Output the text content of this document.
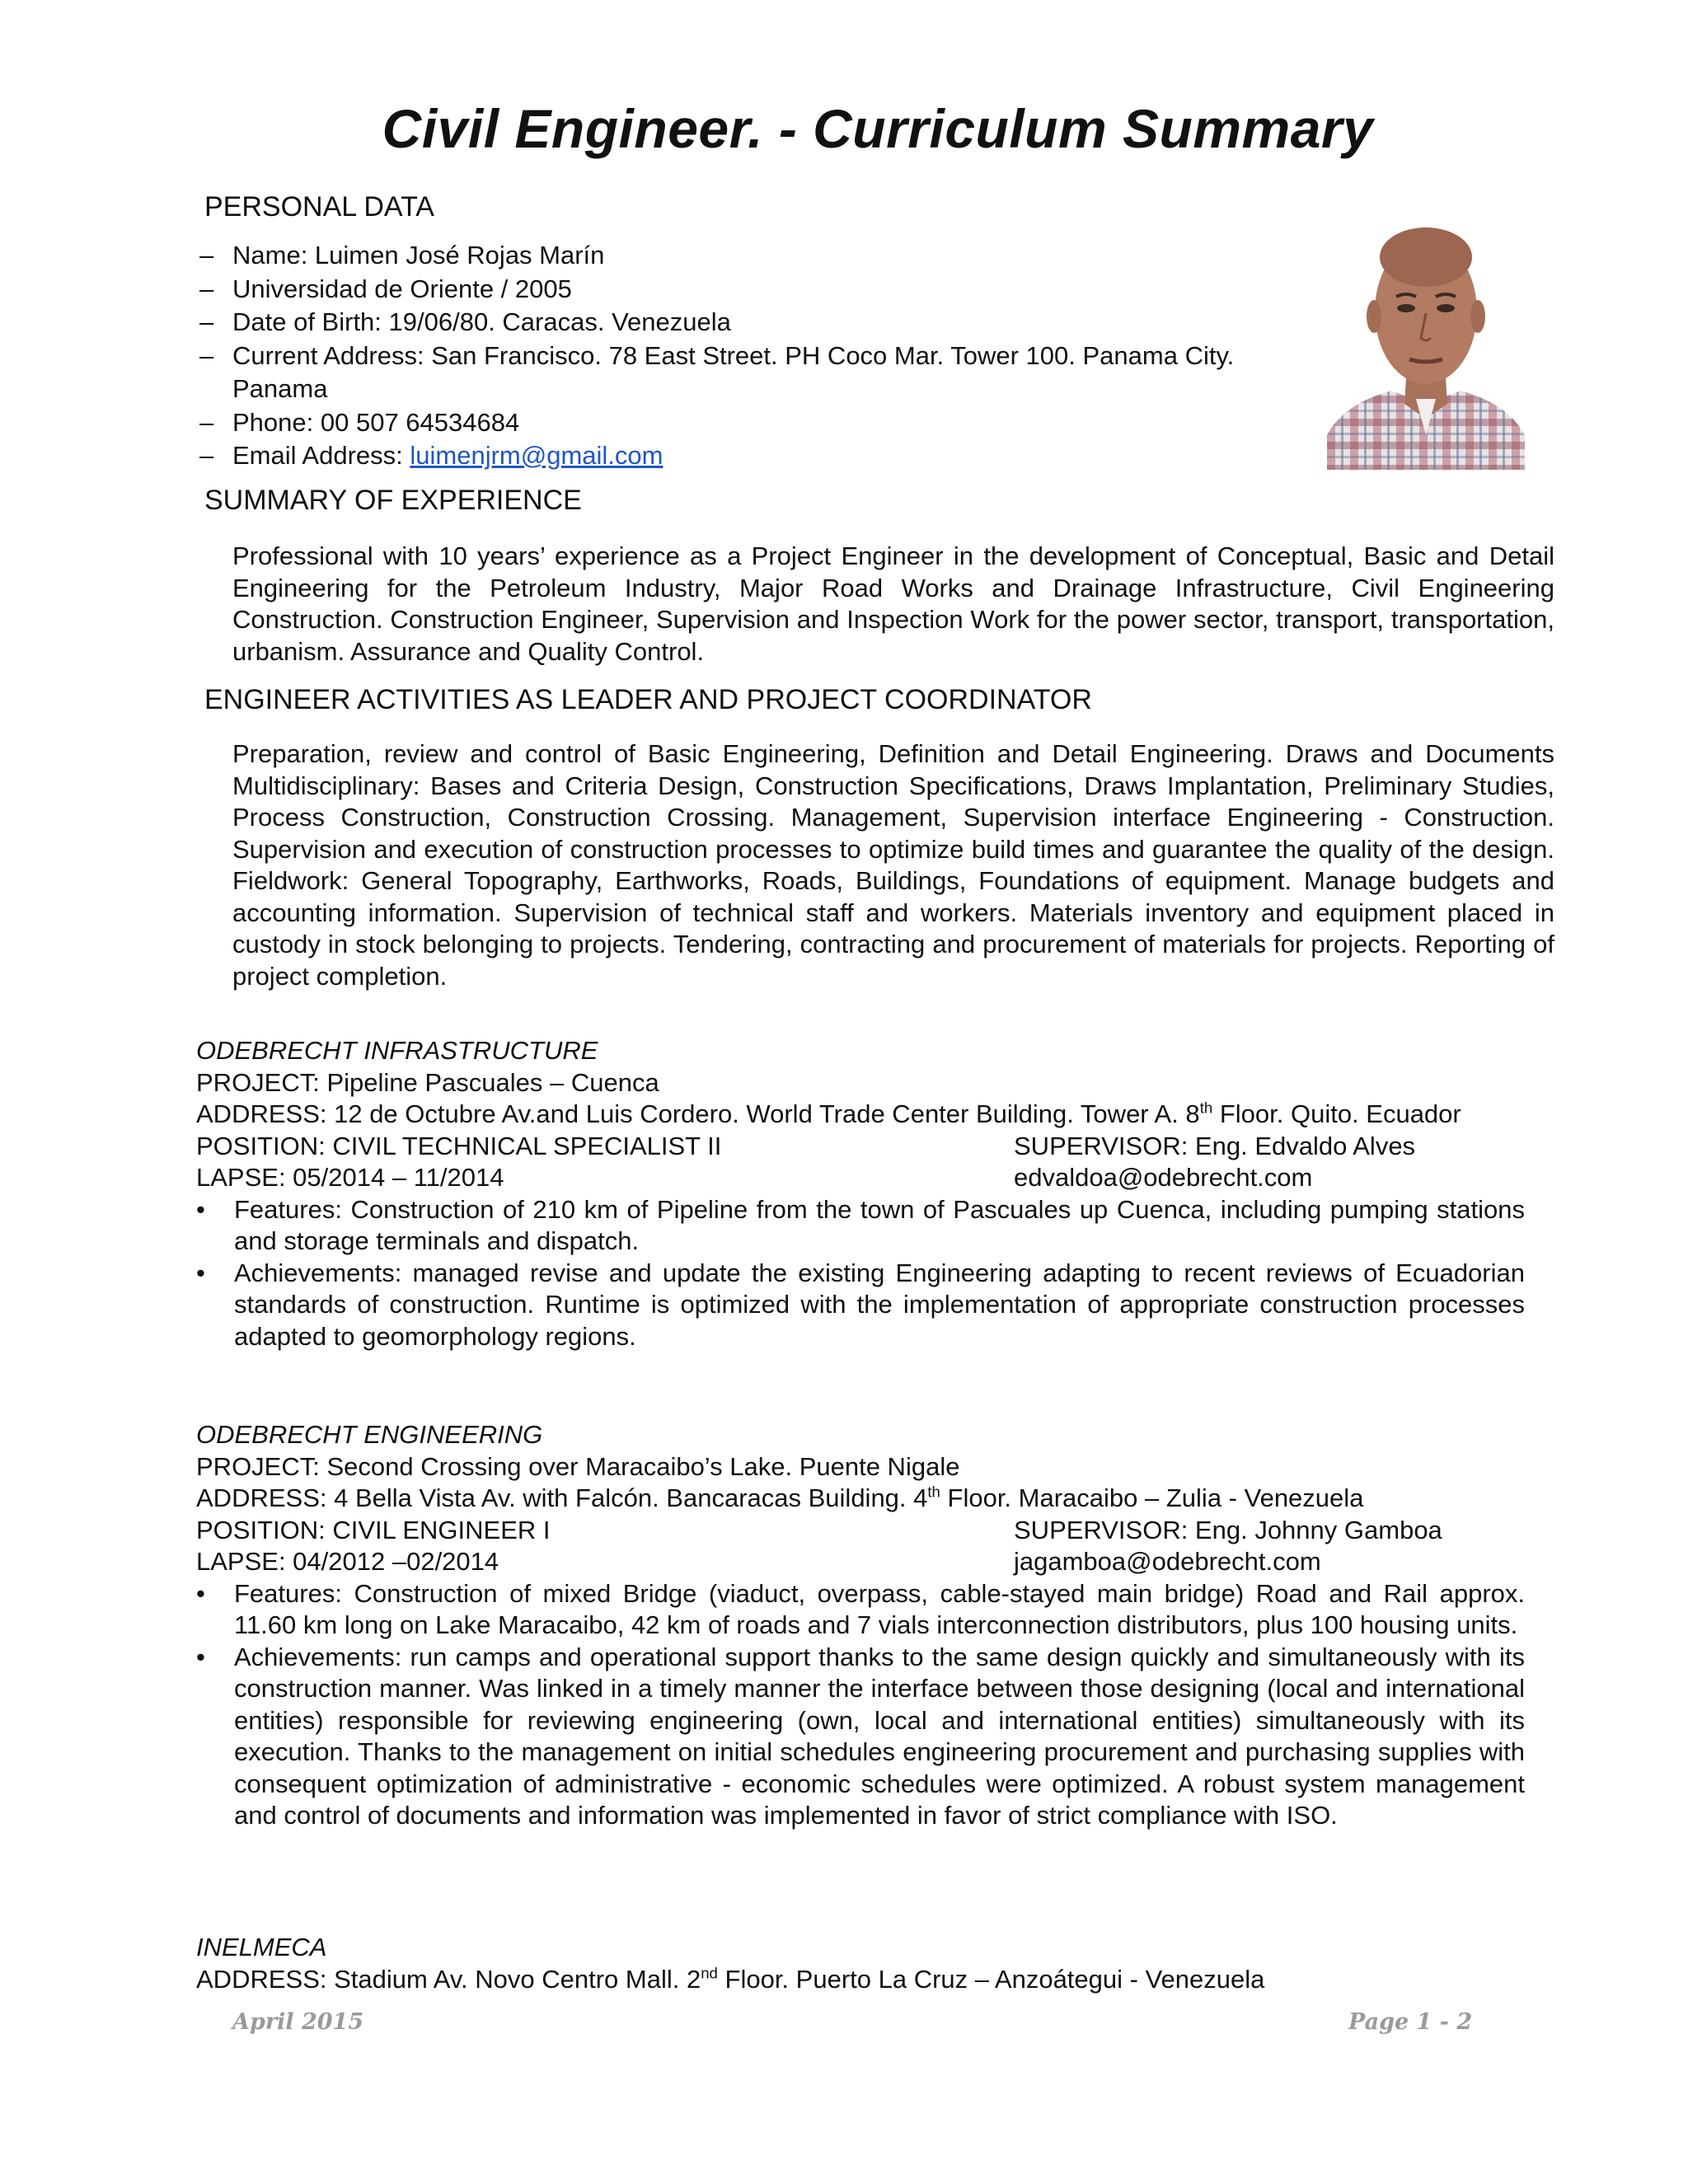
Civil Engineer. - Curriculum Summary
PERSONAL DATA
– Name: Luimen José Rojas Marín
– Universidad de Oriente / 2005
– Date of Birth: 19/06/80. Caracas. Venezuela
– Current Address: San Francisco. 78 East Street. PH Coco Mar. Tower 100. Panama City. Panama
– Phone: 00 507 64534684
– Email Address: luimenjrm@gmail.com
SUMMARY OF EXPERIENCE

Professional with 10 years’ experience as a Project Engineer in the development of Conceptual, Basic and Detail Engineering for the Petroleum Industry, Major Road Works and Drainage Infrastructure, Civil Engineering Construction. Construction Engineer, Supervision and Inspection Work for the power sector, transport, transportation, urbanism. Assurance and Quality Control.

ENGINEER ACTIVITIES AS LEADER AND PROJECT COORDINATOR

Preparation, review and control of Basic Engineering, Definition and Detail Engineering. Draws and Documents Multidisciplinary: Bases and Criteria Design, Construction Specifications, Draws Implantation, Preliminary Studies, Process Construction, Construction Crossing. Management, Supervision interface Engineering - Construction. Supervision and execution of construction processes to optimize build times and guarantee the quality of the design. Fieldwork: General Topography, Earthworks, Roads, Buildings, Foundations of equipment. Manage budgets and accounting information. Supervision of technical staff and workers. Materials inventory and equipment placed in custody in stock belonging to projects. Tendering, contracting and procurement of materials for projects. Reporting of project completion.

ODEBRECHT INFRASTRUCTURE
PROJECT: Pipeline Pascuales – Cuenca
ADDRESS: 12 de Octubre Av.and Luis Cordero. World Trade Center Building. Tower A. 8th Floor. Quito. Ecuador
POSITION: CIVIL TECHNICAL SPECIALIST II	SUPERVISOR: Eng. Edvaldo Alves
LAPSE: 05/2014 – 11/2014	edvaldoa@odebrecht.com
• Features: Construction of 210 km of Pipeline from the town of Pascuales up Cuenca, including pumping stations and storage terminals and dispatch.
• Achievements: managed revise and update the existing Engineering adapting to recent reviews of Ecuadorian standards of construction. Runtime is optimized with the implementation of appropriate construction processes adapted to geomorphology regions.
ODEBRECHT ENGINEERING
PROJECT: Second Crossing over Maracaibo’s Lake. Puente Nigale
ADDRESS: 4 Bella Vista Av. with Falcón. Bancaracas Building. 4th Floor. Maracaibo – Zulia - Venezuela
POSITION: CIVIL ENGINEER I	SUPERVISOR: Eng. Johnny Gamboa
LAPSE: 04/2012 –02/2014	jagamboa@odebrecht.com
• Features: Construction of mixed Bridge (viaduct, overpass, cable-stayed main bridge) Road and Rail approx. 11.60 km long on Lake Maracaibo, 42 km of roads and 7 vials interconnection distributors, plus 100 housing units.
• Achievements: run camps and operational support thanks to the same design quickly and simultaneously with its construction manner. Was linked in a timely manner the interface between those designing (local and international entities) responsible for reviewing engineering (own, local and international entities) simultaneously with its execution. Thanks to the management on initial schedules engineering procurement and purchasing supplies with consequent optimization of administrative - economic schedules were optimized. A robust system management and control of documents and information was implemented in favor of strict compliance with ISO.
INELMECA
ADDRESS: Stadium Av. Novo Centro Mall. 2nd Floor. Puerto La Cruz – Anzoátegui - Venezuela
April 2015	Page 1 - 2
